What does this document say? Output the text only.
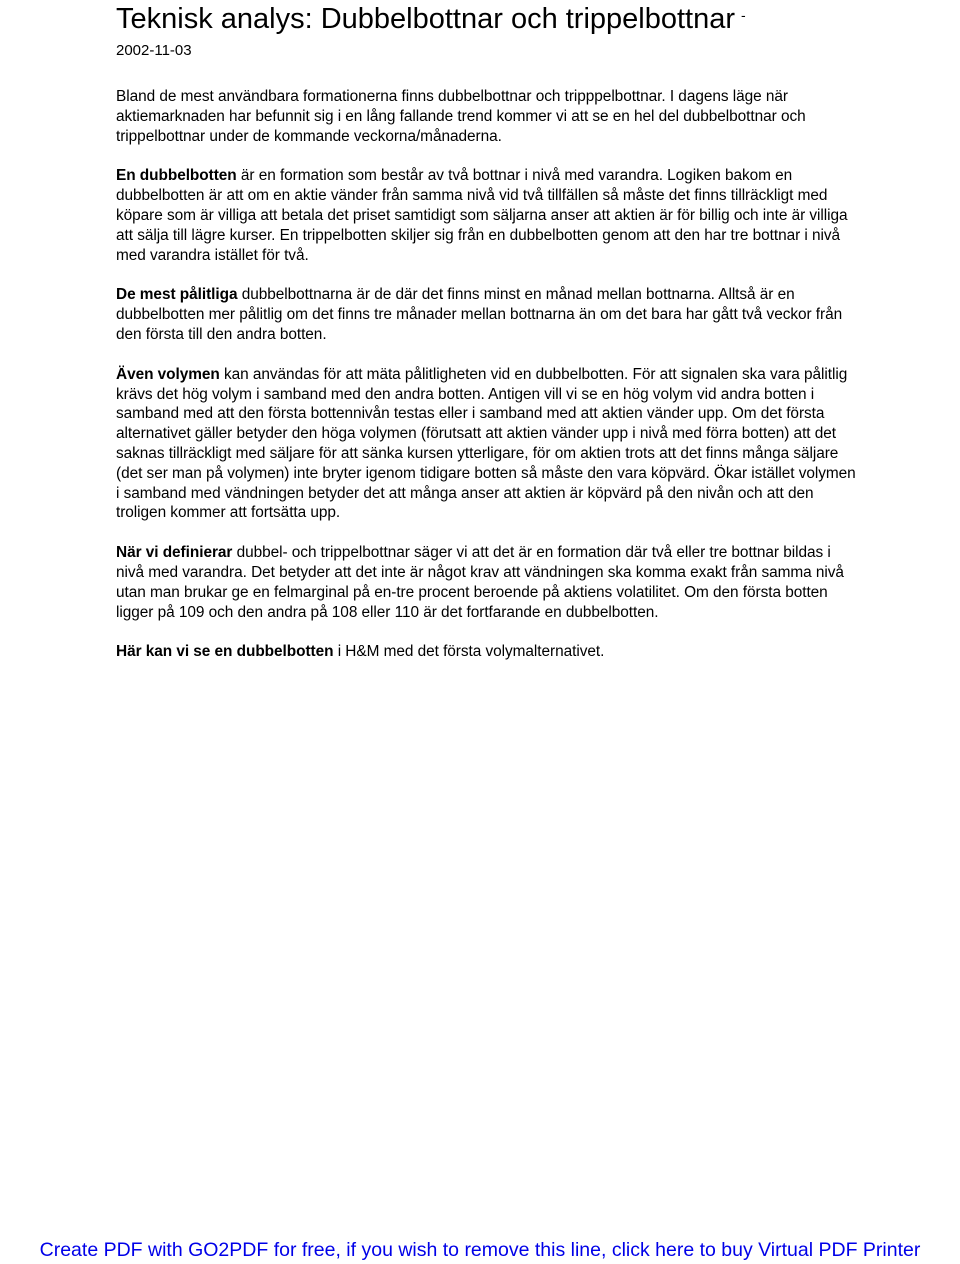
Teknisk analys: Dubbelbottnar och trippelbottnar -

2002-11-03

Bland de mest användbara formationerna finns dubbelbottnar och tripppelbottnar. I dagens läge när aktiemarknaden har befunnit sig i en lång fallande trend kommer vi att se en hel del dubbelbottnar och trippelbottnar under de kommande veckorna/månaderna.

En dubbelbotten är en formation som består av två bottnar i nivå med varandra. Logiken bakom en dubbelbotten är att om en aktie vänder från samma nivå vid två tillfällen så måste det finns tillräckligt med köpare som är villiga att betala det priset samtidigt som säljarna anser att aktien är för billig och inte är villiga att sälja till lägre kurser. En trippelbotten skiljer sig från en dubbelbotten genom att den har tre bottnar i nivå med varandra istället för två.

De mest pålitliga dubbelbottnarna är de där det finns minst en månad mellan bottnarna. Alltså är en dubbelbotten mer pålitlig om det finns tre månader mellan bottnarna än om det bara har gått två veckor från den första till den andra botten.

Även volymen kan användas för att mäta pålitligheten vid en dubbelbotten. För att signalen ska vara pålitlig krävs det hög volym i samband med den andra botten. Antigen vill vi se en hög volym vid andra botten i samband med att den första bottennivån testas eller i samband med att aktien vänder upp. Om det första alternativet gäller betyder den höga volymen (förutsatt att aktien vänder upp i nivå med förra botten) att det saknas tillräckligt med säljare för att sänka kursen ytterligare, för om aktien trots att det finns många säljare (det ser man på volymen) inte bryter igenom tidigare botten så måste den vara köpvärd. Ökar istället volymen i samband med vändningen betyder det att många anser att aktien är köpvärd på den nivån och att den troligen kommer att fortsätta upp.

När vi definierar dubbel- och trippelbottnar säger vi att det är en formation där två eller tre bottnar bildas i nivå med varandra. Det betyder att det inte är något krav att vändningen ska komma exakt från samma nivå utan man brukar ge en felmarginal på en-tre procent beroende på aktiens volatilitet. Om den första botten ligger på 109 och den andra på 108 eller 110 är det fortfarande en dubbelbotten.

Här kan vi se en dubbelbotten i H&M med det första volymalternativet.

Create PDF with GO2PDF for free, if you wish to remove this line, click here to buy Virtual PDF Printer
